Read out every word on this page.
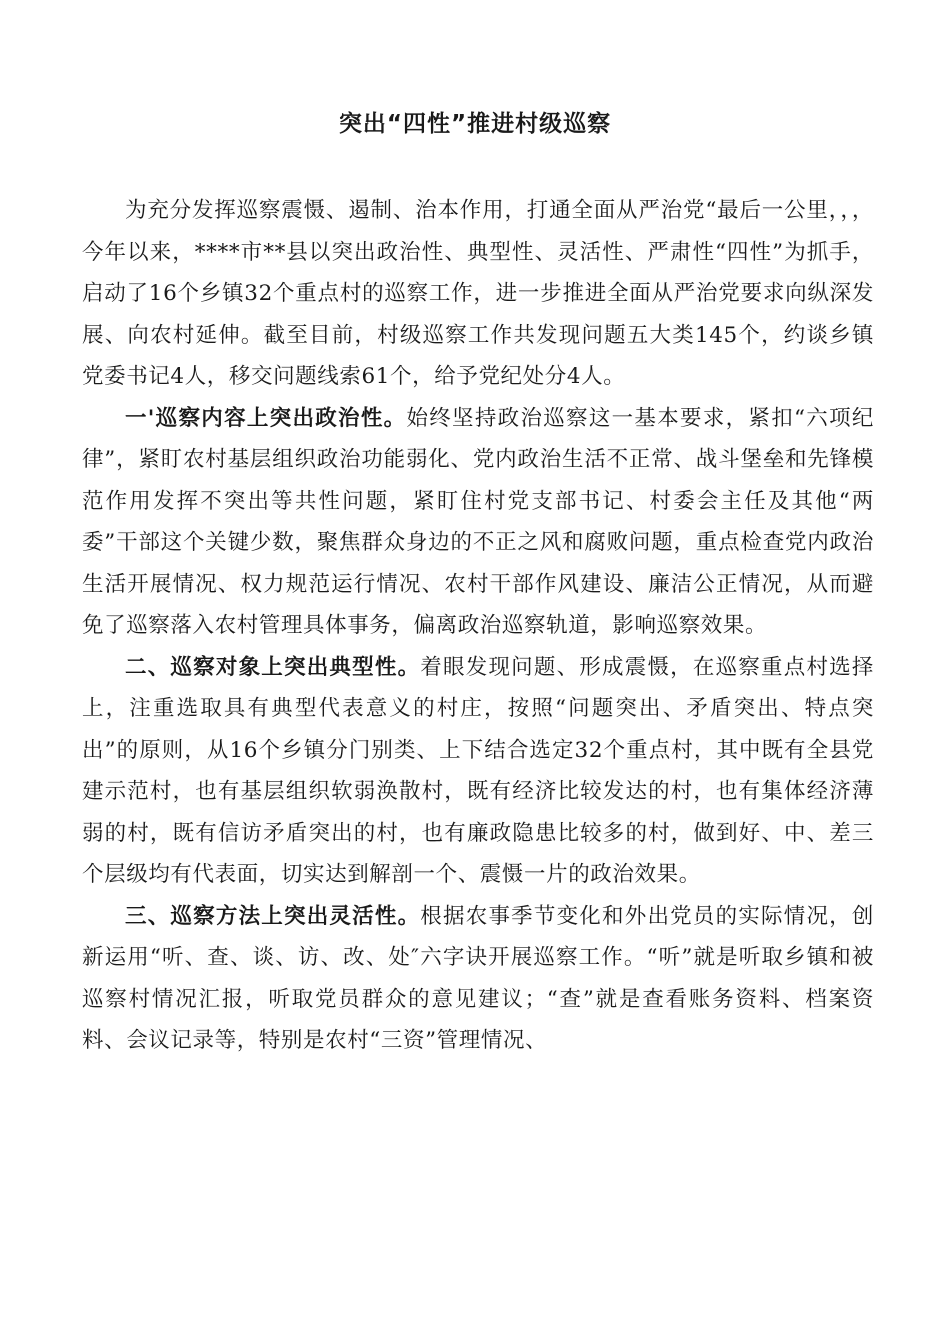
突出“四性”推进村级巡察

为充分发挥巡察震慑、遏制、治本作用，打通全面从严治党“最后一公里，，，今年以来，****市**县以突出政治性、典型性、灵活性、严肃性“四性”为抓手，启动了16个乡镇32个重点村的巡察工作，进一步推进全面从严治党要求向纵深发展、向农村延伸。截至目前，村级巡察工作共发现问题五大类145个，约谈乡镇党委书记4人，移交问题线索61个，给予党纪处分4人。

一'巡察内容上突出政治性。始终坚持政治巡察这一基本要求，紧扣“六项纪律”，紧盯农村基层组织政治功能弱化、党内政治生活不正常、战斗堡垒和先锋模范作用发挥不突出等共性问题，紧盯住村党支部书记、村委会主任及其他“两委”干部这个关键少数，聚焦群众身边的不正之风和腐败问题，重点检查党内政治生活开展情况、权力规范运行情况、农村干部作风建设、廉洁公正情况，从而避免了巡察落入农村管理具体事务，偏离政治巡察轨道，影响巡察效果。

二、巡察对象上突出典型性。着眼发现问题、形成震慑，在巡察重点村选择上，注重选取具有典型代表意义的村庄，按照“问题突出、矛盾突出、特点突出”的原则，从16个乡镇分门别类、上下结合选定32个重点村，其中既有全县党建示范村，也有基层组织软弱涣散村，既有经济比较发达的村，也有集体经济薄弱的村，既有信访矛盾突出的村，也有廉政隐患比较多的村，做到好、中、差三个层级均有代表面，切实达到解剖一个、震慑一片的政治效果。

三、巡察方法上突出灵活性。根据农事季节变化和外出党员的实际情况，创新运用“听、查、谈、访、改、处″六字诀开展巡察工作。“听”就是听取乡镇和被巡察村情况汇报，听取党员群众的意见建议；“查”就是查看账务资料、档案资料、会议记录等，特别是农村“三资”管理情况、
